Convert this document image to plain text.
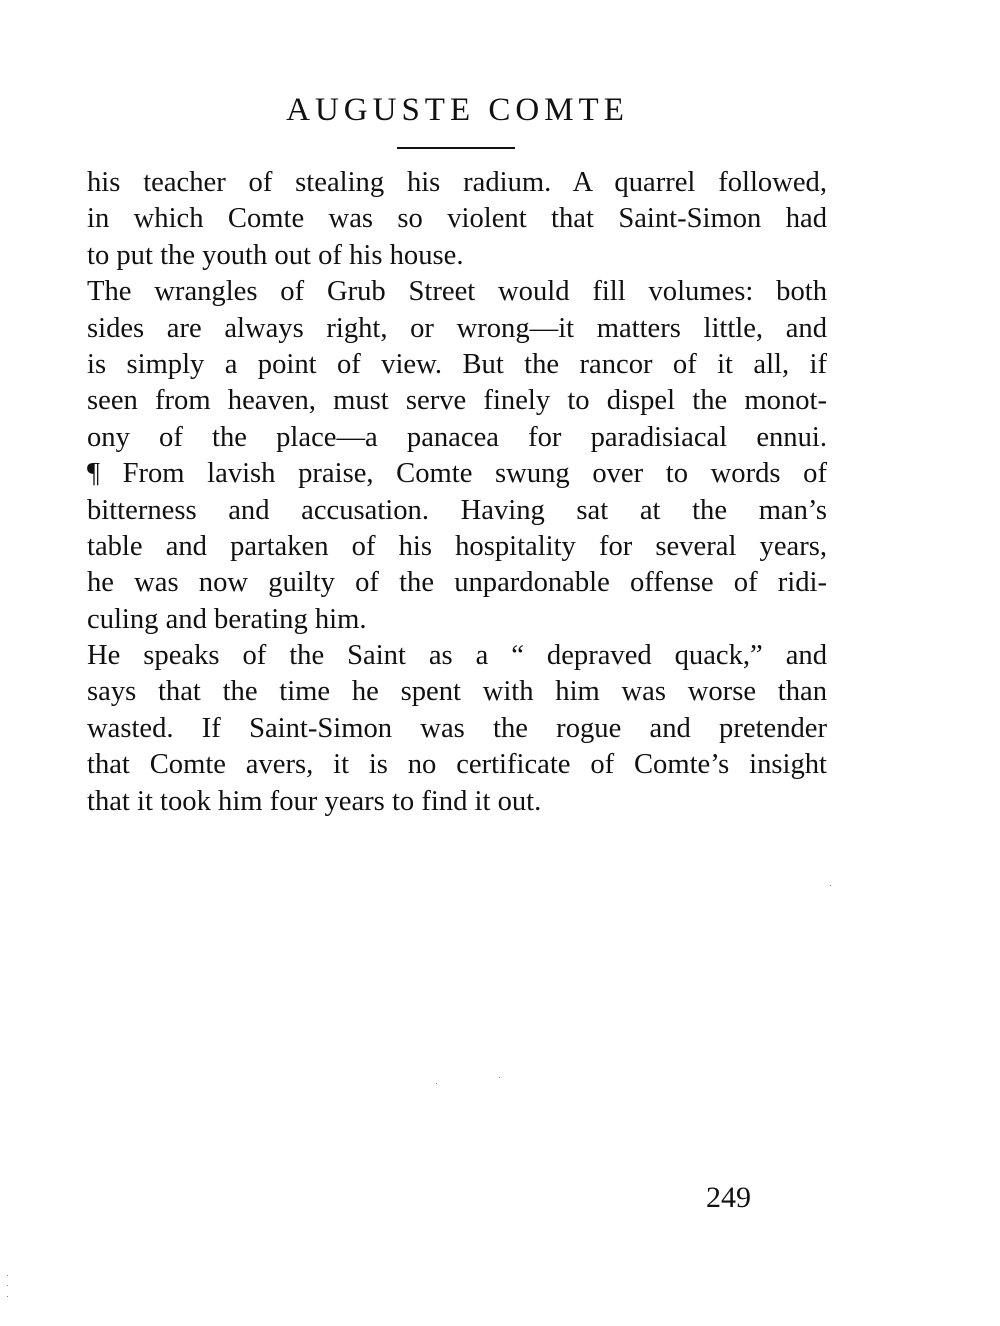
AUGUSTE COMTE
his teacher of stealing his radium. A quarrel followed,
in which Comte was so violent that Saint-Simon had
to put the youth out of his house.
The wrangles of Grub Street would fill volumes: both
sides are always right, or wrong—it matters little, and
is simply a point of view. But the rancor of it all, if
seen from heaven, must serve finely to dispel the monot-
ony of the place—a panacea for paradisiacal ennui.
¶ From lavish praise, Comte swung over to words of
bitterness and accusation. Having sat at the man’s
table and partaken of his hospitality for several years,
he was now guilty of the unpardonable offense of ridi-
culing and berating him.
He speaks of the Saint as a “ depraved quack,” and
says that the time he spent with him was worse than
wasted. If Saint-Simon was the rogue and pretender
that Comte avers, it is no certificate of Comte’s insight
that it took him four years to find it out.
249
